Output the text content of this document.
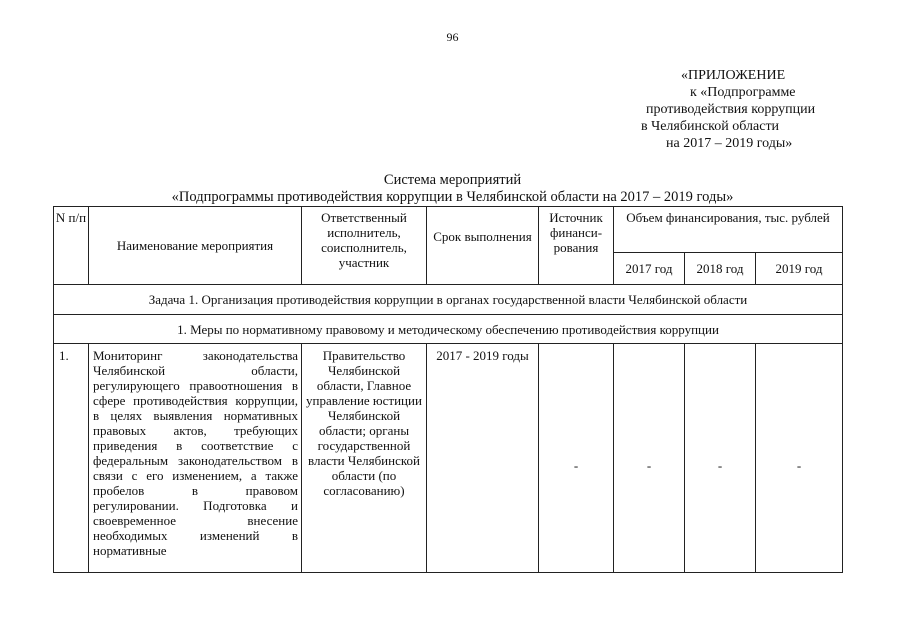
96
«ПРИЛОЖЕНИЕ
к «Подпрограмме
противодействия коррупции
в Челябинской области
на 2017 – 2019 годы»
Система мероприятий
«Подпрограммы противодействия коррупции в Челябинской области на 2017 – 2019 годы»
N п/п	Наименование мероприятия	Ответственный исполнитель, соисполнитель, участник	Срок выполнения	Источник финанси-рования	Объем финансирования, тыс. рублей		
					2017 год	2018 год	2019 год
Задача 1. Организация противодействия коррупции в органах государственной власти Челябинской области							
1. Меры по нормативному правовому и методическому обеспечению противодействия коррупции							
1.	Мониторинг законодательства Челябинской области, регулирующего правоотношения в сфере противодействия коррупции, в целях выявления нормативных правовых актов, требующих приведения в соответствие с федеральным законодательством в связи с его изменением, а также пробелов в правовом регулировании. Подготовка и своевременное внесение необходимых изменений в нормативные	Правительство Челябинской области, Главное управление юстиции Челябинской области; органы государственной власти Челябинской области (по согласованию)	2017 - 2019 годы	-	-	-	-
